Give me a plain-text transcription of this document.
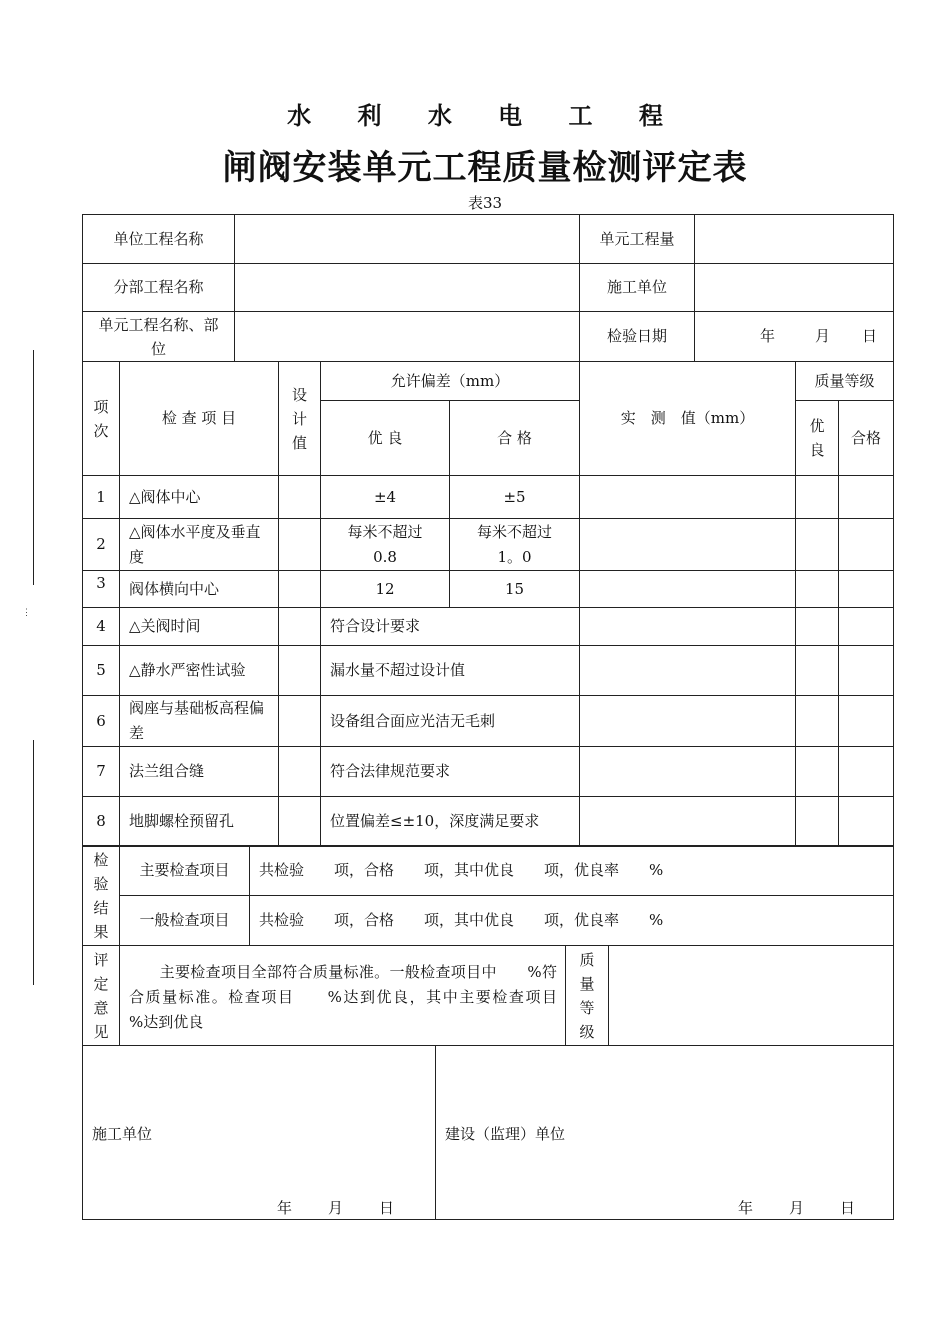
⋮
水 利 水 电 工 程
闸阀安装单元工程质量检测评定表
表33
单位工程名称		单元工程量	
分部工程名称		施工单位	
单元工程名称、部位		检验日期	年 月 日
项次	检 查 项 目	设计值	允许偏差（mm）		实　测　值（mm）	质量等级	
			优 良	合 格		优良	合格
1	△阀体中心		±4	±5			
2	△阀体水平度及垂直度		每米不超过0.8	每米不超过1。0			
3	阀体横向中心		12	15			
4	△关阀时间		符合设计要求				
5	△静水严密性试验		漏水量不超过设计值				
6	阀座与基础板高程偏差		设备组合面应光洁无毛刺				
7	法兰组合缝		符合法律规范要求				
8	地脚螺栓预留孔		位置偏差≤±10，深度满足要求				
检验结果	主要检查项目	共检验　　项，合格　　项，其中优良　　项，优良率　　%
	一般检查项目	共检验　　项，合格　　项，其中优良　　项，优良率　　%
评定意见	　　主要检查项目全部符合质量标准。一般检查项目中　　%符合质量标准。检查项目　　%达到优良，其中主要检查项目　　%达到优良	质量等级	
施工单位
年 月 日

建设（监理）单位
年 月 日
